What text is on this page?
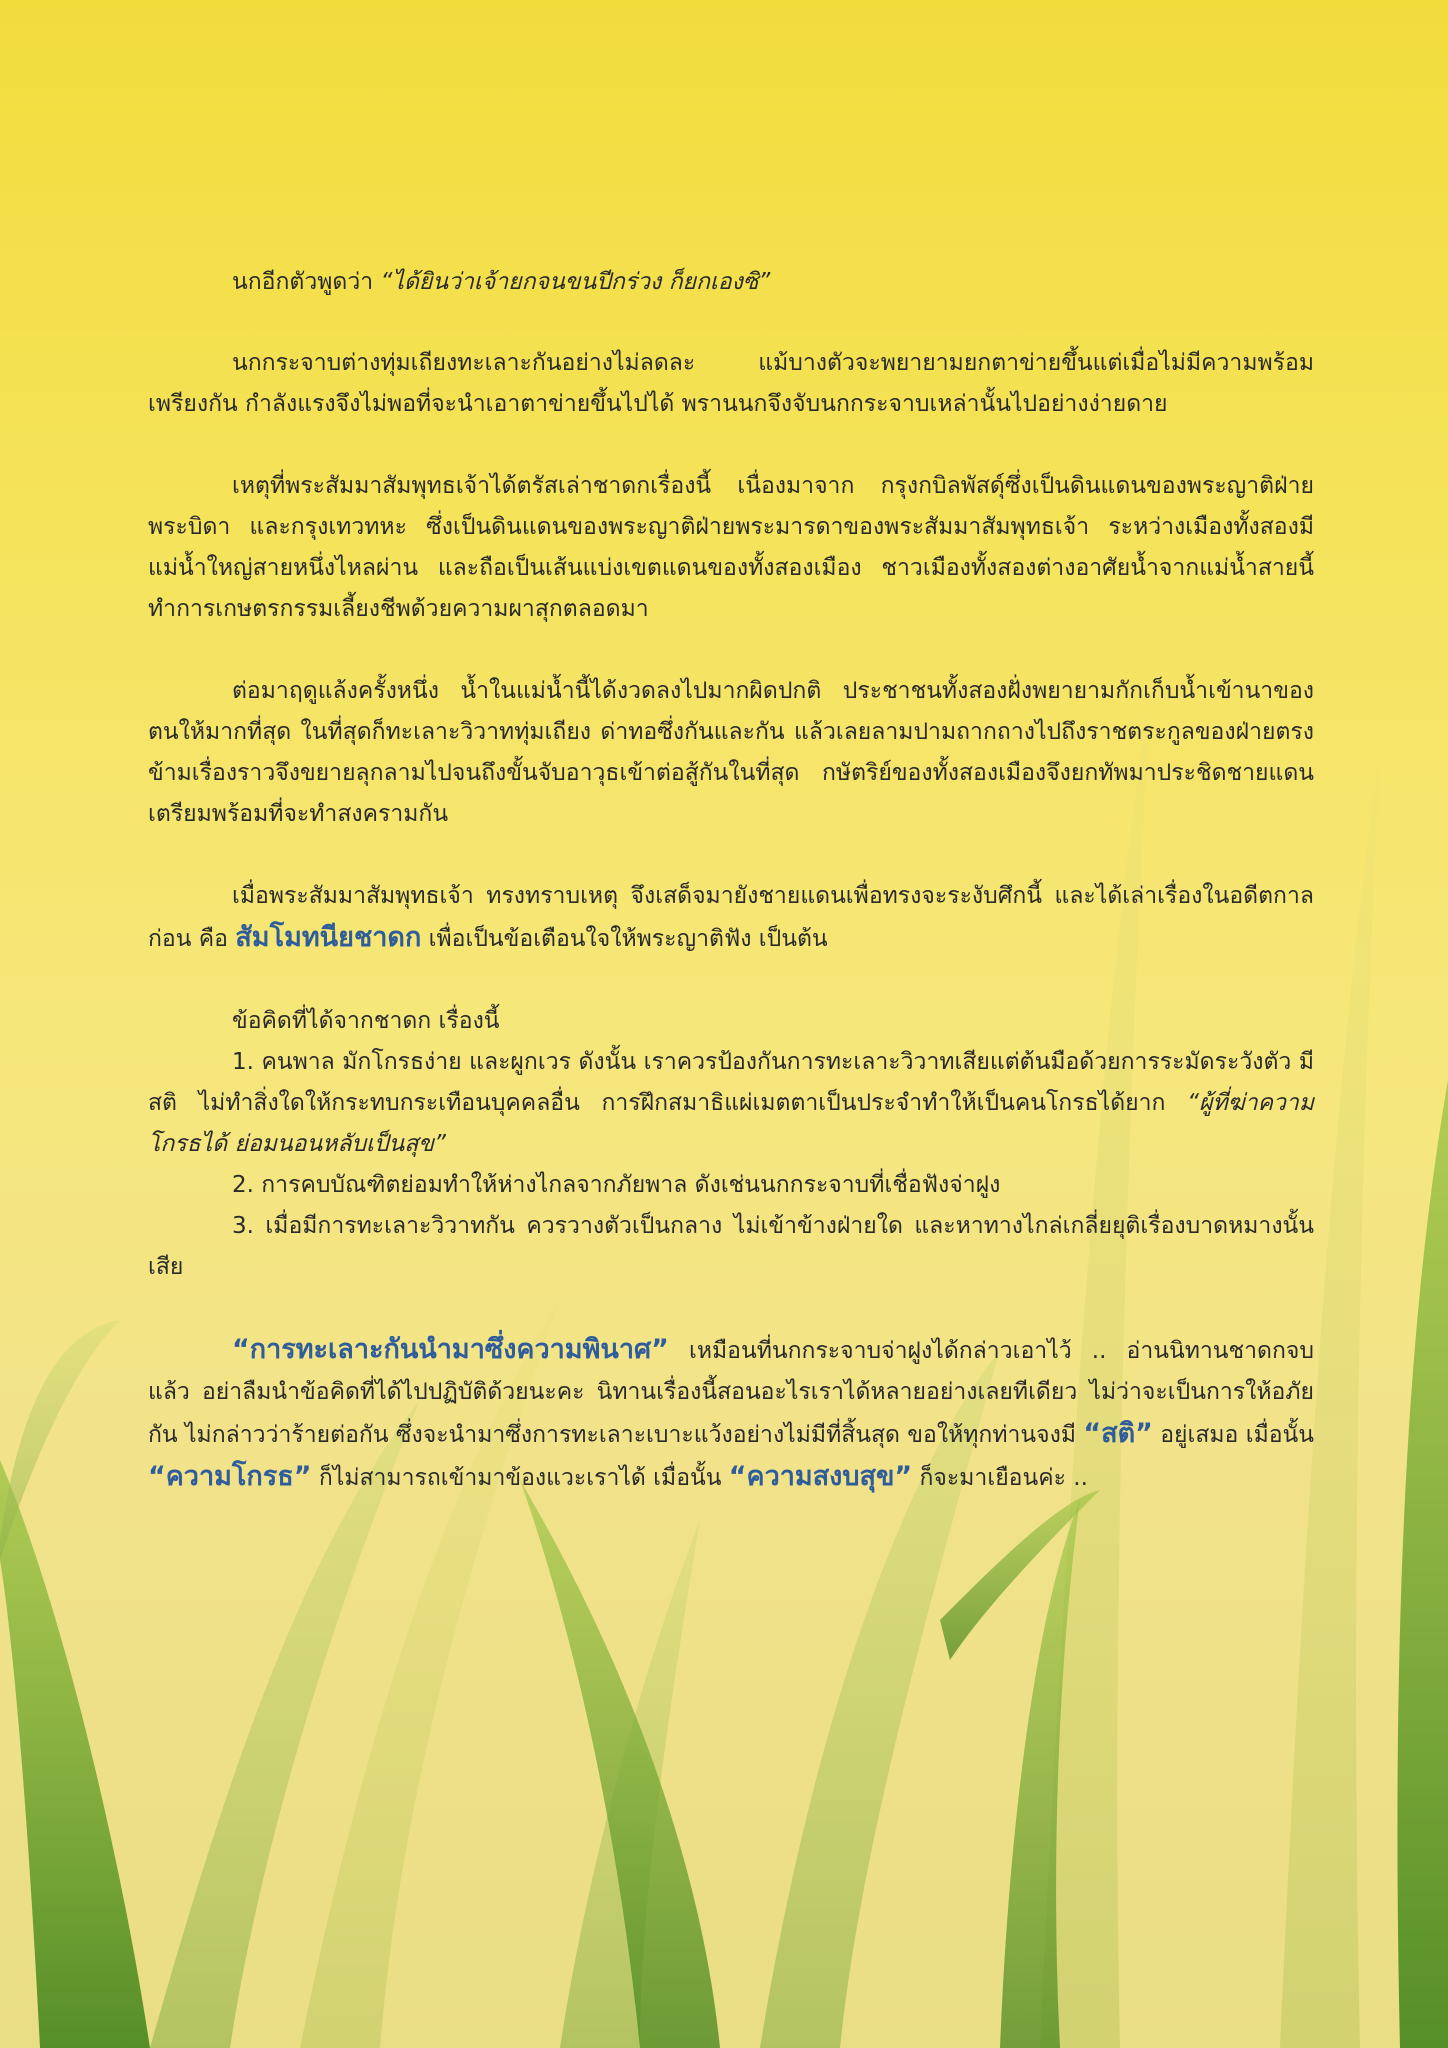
นกอีกตัวพูดว่า “ได้ยินว่าเจ้ายกจนขนปีกร่วง ก็ยกเองซิ”

นกกระจาบต่างทุ่มเถียงทะเลาะกันอย่างไม่ลดละ แม้บางตัวจะพยายามยกตาข่ายขึ้นแต่เมื่อไม่มีความพร้อมเพรียงกัน กำลังแรงจึงไม่พอที่จะนำเอาตาข่ายขึ้นไปได้ พรานนกจึงจับนกกระจาบเหล่านั้นไปอย่างง่ายดาย

เหตุที่พระสัมมาสัมพุทธเจ้าได้ตรัสเล่าชาดกเรื่องนี้ เนื่องมาจาก กรุงกบิลพัสดุ์ซึ่งเป็นดินแดนของพระญาติฝ่ายพระบิดา และกรุงเทวทหะ ซึ่งเป็นดินแดนของพระญาติฝ่ายพระมารดาของพระสัมมาสัมพุทธเจ้า ระหว่างเมืองทั้งสองมีแม่น้ำใหญ่สายหนึ่งไหลผ่าน และถือเป็นเส้นแบ่งเขตแดนของทั้งสองเมือง ชาวเมืองทั้งสองต่างอาศัยน้ำจากแม่น้ำสายนี้ ทำการเกษตรกรรมเลี้ยงชีพด้วยความผาสุกตลอดมา

ต่อมาฤดูแล้งครั้งหนึ่ง น้ำในแม่น้ำนี้ได้งวดลงไปมากผิดปกติ ประชาชนทั้งสองฝั่งพยายามกักเก็บน้ำเข้านาของตนให้มากที่สุด ในที่สุดก็ทะเลาะวิวาททุ่มเถียง ด่าทอซึ่งกันและกัน แล้วเลยลามปามถากถางไปถึงราชตระกูลของฝ่ายตรงข้ามเรื่องราวจึงขยายลุกลามไปจนถึงขั้นจับอาวุธเข้าต่อสู้กันในที่สุด กษัตริย์ของทั้งสองเมืองจึงยกทัพมาประชิดชายแดน เตรียมพร้อมที่จะทำสงครามกัน

เมื่อพระสัมมาสัมพุทธเจ้า ทรงทราบเหตุ จึงเสด็จมายังชายแดนเพื่อทรงจะระงับศึกนี้ และได้เล่าเรื่องในอดีตกาลก่อน คือ สัมโมทนียชาดก เพื่อเป็นข้อเตือนใจให้พระญาติฟัง เป็นต้น

ข้อคิดที่ได้จากชาดก เรื่องนี้

1. คนพาล มักโกรธง่าย และผูกเวร ดังนั้น เราควรป้องกันการทะเลาะวิวาทเสียแต่ต้นมือด้วยการระมัดระวังตัว มีสติ ไม่ทำสิ่งใดให้กระทบกระเทือนบุคคลอื่น การฝึกสมาธิแผ่เมตตาเป็นประจำทำให้เป็นคนโกรธได้ยาก “ผู้ที่ฆ่าความโกรธได้ ย่อมนอนหลับเป็นสุข”

2. การคบบัณฑิตย่อมทำให้ห่างไกลจากภัยพาล ดังเช่นนกกระจาบที่เชื่อฟังจ่าฝูง

3. เมื่อมีการทะเลาะวิวาทกัน ควรวางตัวเป็นกลาง ไม่เข้าข้างฝ่ายใด และหาทางไกล่เกลี่ยยุติเรื่องบาดหมางนั้นเสีย

“การทะเลาะกันนำมาซึ่งความพินาศ” เหมือนที่นกกระจาบจ่าฝูงได้กล่าวเอาไว้ .. อ่านนิทานชาดกจบแล้ว อย่าลืมนำข้อคิดที่ได้ไปปฏิบัติด้วยนะคะ นิทานเรื่องนี้สอนอะไรเราได้หลายอย่างเลยทีเดียว ไม่ว่าจะเป็นการให้อภัยกัน ไม่กล่าวว่าร้ายต่อกัน ซึ่งจะนำมาซึ่งการทะเลาะเบาะแว้งอย่างไม่มีที่สิ้นสุด ขอให้ทุกท่านจงมี “สติ” อยู่เสมอ เมื่อนั้น “ความโกรธ” ก็ไม่สามารถเข้ามาข้องแวะเราได้ เมื่อนั้น “ความสงบสุข” ก็จะมาเยือนค่ะ ..
